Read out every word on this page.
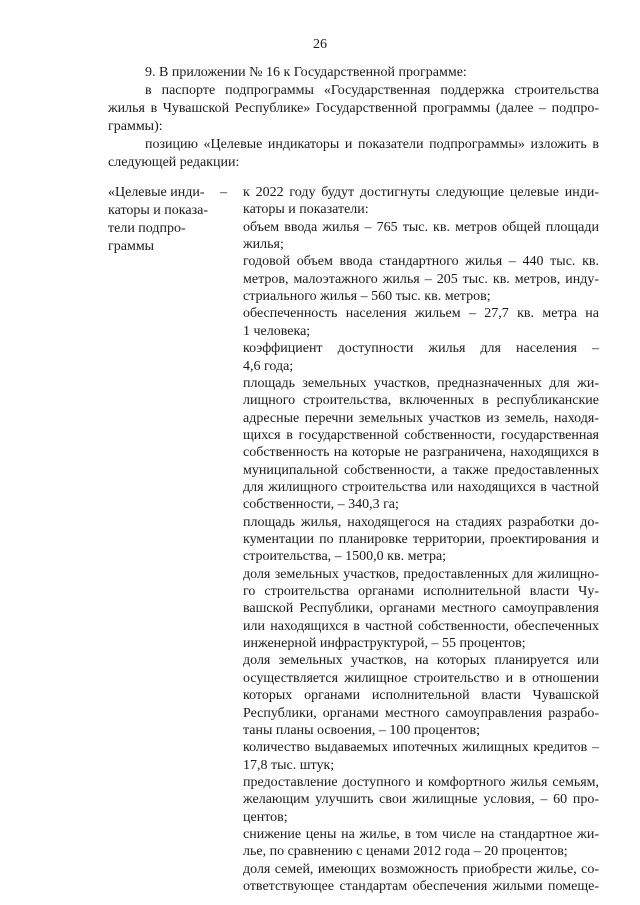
26
9. В приложении № 16 к Государственной программе:
в паспорте подпрограммы «Государственная поддержка строительства
жилья в Чувашской Республике» Государственной программы (далее – подпро-
граммы):
позицию «Целевые индикаторы и показатели подпрограммы» изложить в
следующей редакции:
«Целевые инди-
каторы и показа-
тели подпро-
граммы
– к 2022 году будут достигнуты следующие целевые инди-
каторы и показатели:
объем ввода жилья – 765 тыс. кв. метров общей площади
жилья;
годовой объем ввода стандартного жилья – 440 тыс. кв.
метров, малоэтажного жилья – 205 тыс. кв. метров, инду-
стриального жилья – 560 тыс. кв. метров;
обеспеченность населения жильем – 27,7 кв. метра на
1 человека;
коэффициент доступности жилья для населения –
4,6 года;
площадь земельных участков, предназначенных для жи-
лищного строительства, включенных в республиканские
адресные перечни земельных участков из земель, находя-
щихся в государственной собственности, государственная
собственность на которые не разграничена, находящихся в
муниципальной собственности, а также предоставленных
для жилищного строительства или находящихся в частной
собственности, – 340,3 га;
площадь жилья, находящегося на стадиях разработки до-
кументации по планировке территории, проектирования и
строительства, – 1500,0 кв. метра;
доля земельных участков, предоставленных для жилищно-
го строительства органами исполнительной власти Чу-
вашской Республики, органами местного самоуправления
или находящихся в частной собственности, обеспеченных
инженерной инфраструктурой, – 55 процентов;
доля земельных участков, на которых планируется или
осуществляется жилищное строительство и в отношении
которых органами исполнительной власти Чувашской
Республики, органами местного самоуправления разрабо-
таны планы освоения, – 100 процентов;
количество выдаваемых ипотечных жилищных кредитов –
17,8 тыс. штук;
предоставление доступного и комфортного жилья семьям,
желающим улучшить свои жилищные условия, – 60 про-
центов;
снижение цены на жилье, в том числе на стандартное жи-
лье, по сравнению с ценами 2012 года – 20 процентов;
доля семей, имеющих возможность приобрести жилье, со-
ответствующее стандартам обеспечения жилыми помеще-
